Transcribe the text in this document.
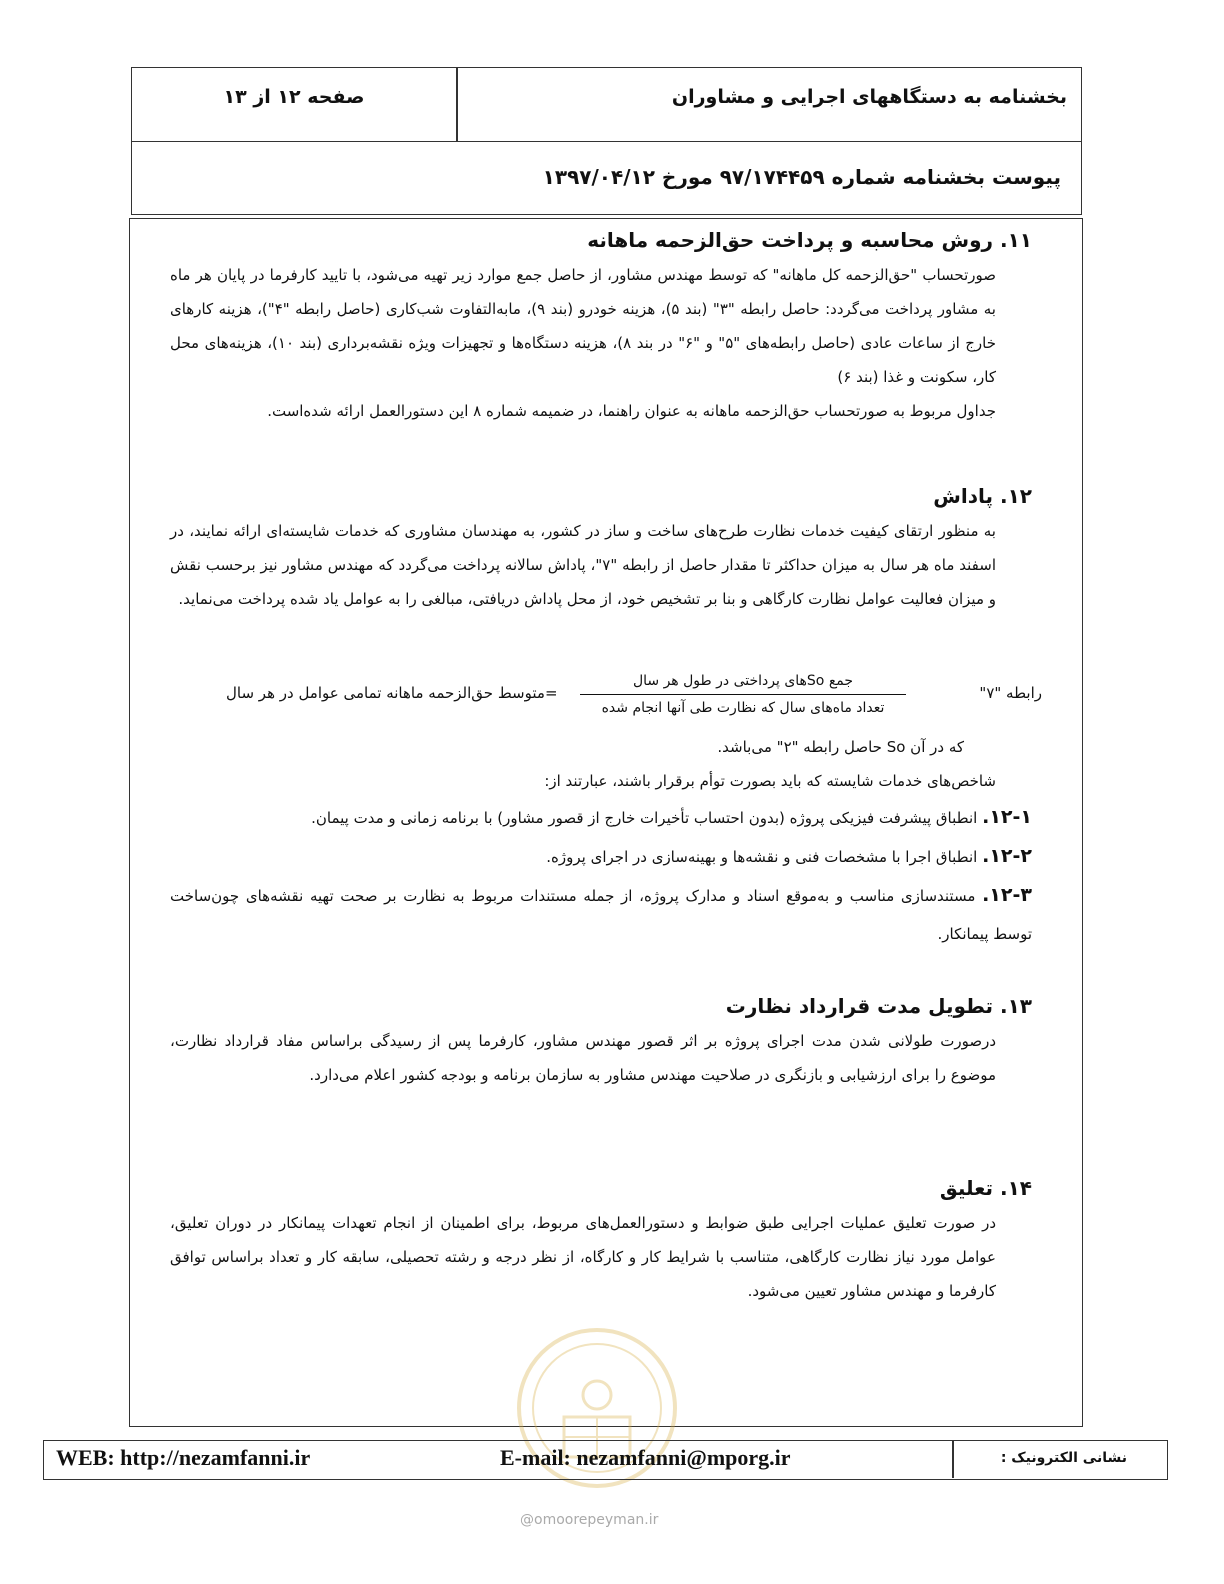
بخشنامه به دستگاههای اجرایی و مشاوران
صفحه ۱۲ از ۱۳
پیوست بخشنامه شماره ۹۷/۱۷۴۴۵۹ مورخ ۱۳۹۷/۰۴/۱۲
۱۱. روش محاسبه و پرداخت حق‌الزحمه ماهانه

صورتحساب "حق‌الزحمه کل ماهانه" که توسط مهندس مشاور، از حاصل جمع موارد زیر تهیه می‌شود، با تایید کارفرما در پایان هر ماه به مشاور پرداخت می‌گردد: حاصل رابطه "۳" (بند ۵)، هزینه خودرو (بند ۹)، مابه‌التفاوت شب‌کاری (حاصل رابطه "۴")، هزینه کارهای خارج از ساعات عادی (حاصل رابطه‌های "۵" و "۶" در بند ۸)، هزینه دستگاه‌ها و تجهیزات ویژه نقشه‌برداری (بند ۱۰)، هزینه‌های محل کار، سکونت و غذا (بند ۶)

جداول مربوط به صورتحساب حق‌الزحمه ماهانه به عنوان راهنما، در ضمیمه شماره ۸ این دستورالعمل ارائه شده‌است.

۱۲. پاداش

به منظور ارتقای کیفیت خدمات نظارت طرح‌های ساخت و ساز در کشور، به مهندسان مشاوری که خدمات شایسته‌ای ارائه نمایند، در اسفند ماه هر سال به میزان حداکثر تا مقدار حاصل از رابطه "۷"، پاداش سالانه پرداخت می‌گردد که مهندس مشاور نیز برحسب نقش و میزان فعالیت عوامل نظارت کارگاهی و بنا بر تشخیص خود، از محل پاداش دریافتی، مبالغی را به عوامل یاد شده پرداخت می‌نماید.

رابطه "۷"
جمع Soهای پرداختی در طول هر سال
تعداد ماه‌های سال که نظارت طی آنها انجام شده
=متوسط حق‌الزحمه ماهانه تمامی عوامل در هر سال

که در آن So حاصل رابطه "۲" می‌باشد.

شاخص‌های خدمات شایسته که باید بصورت توأم برقرار باشند، عبارتند از:

۱۲-۱. انطباق پیشرفت فیزیکی پروژه (بدون احتساب تأخیرات خارج از قصور مشاور) با برنامه زمانی و مدت پیمان.
۱۲-۲. انطباق اجرا با مشخصات فنی و نقشه‌ها و بهینه‌سازی در اجرای پروژه.
۱۲-۳. مستندسازی مناسب و به‌موقع اسناد و مدارک پروژه، از جمله مستندات مربوط به نظارت بر صحت تهیه نقشه‌های چون‌ساخت توسط پیمانکار.
۱۳. تطویل مدت قرارداد نظارت

درصورت طولانی شدن مدت اجرای پروژه بر اثر قصور مهندس مشاور، کارفرما پس از رسیدگی براساس مفاد قرارداد نظارت، موضوع را برای ارزشیابی و بازنگری در صلاحیت مهندس مشاور به سازمان برنامه و بودجه کشور اعلام می‌دارد.

۱۴. تعلیق

در صورت تعلیق عملیات اجرایی طبق ضوابط و دستورالعمل‌های مربوط، برای اطمینان از انجام تعهدات پیمانکار در دوران تعلیق، عوامل مورد نیاز نظارت کارگاهی، متناسب با شرایط کار و کارگاه، از نظر درجه و رشته تحصیلی، سابقه کار و تعداد براساس توافق کارفرما و مهندس مشاور تعیین می‌شود.

WEB: http://nezamfanni.ir	E-mail: nezamfanni@mporg.ir	نشانی الکترونیک :
@omoorepeyman.ir
